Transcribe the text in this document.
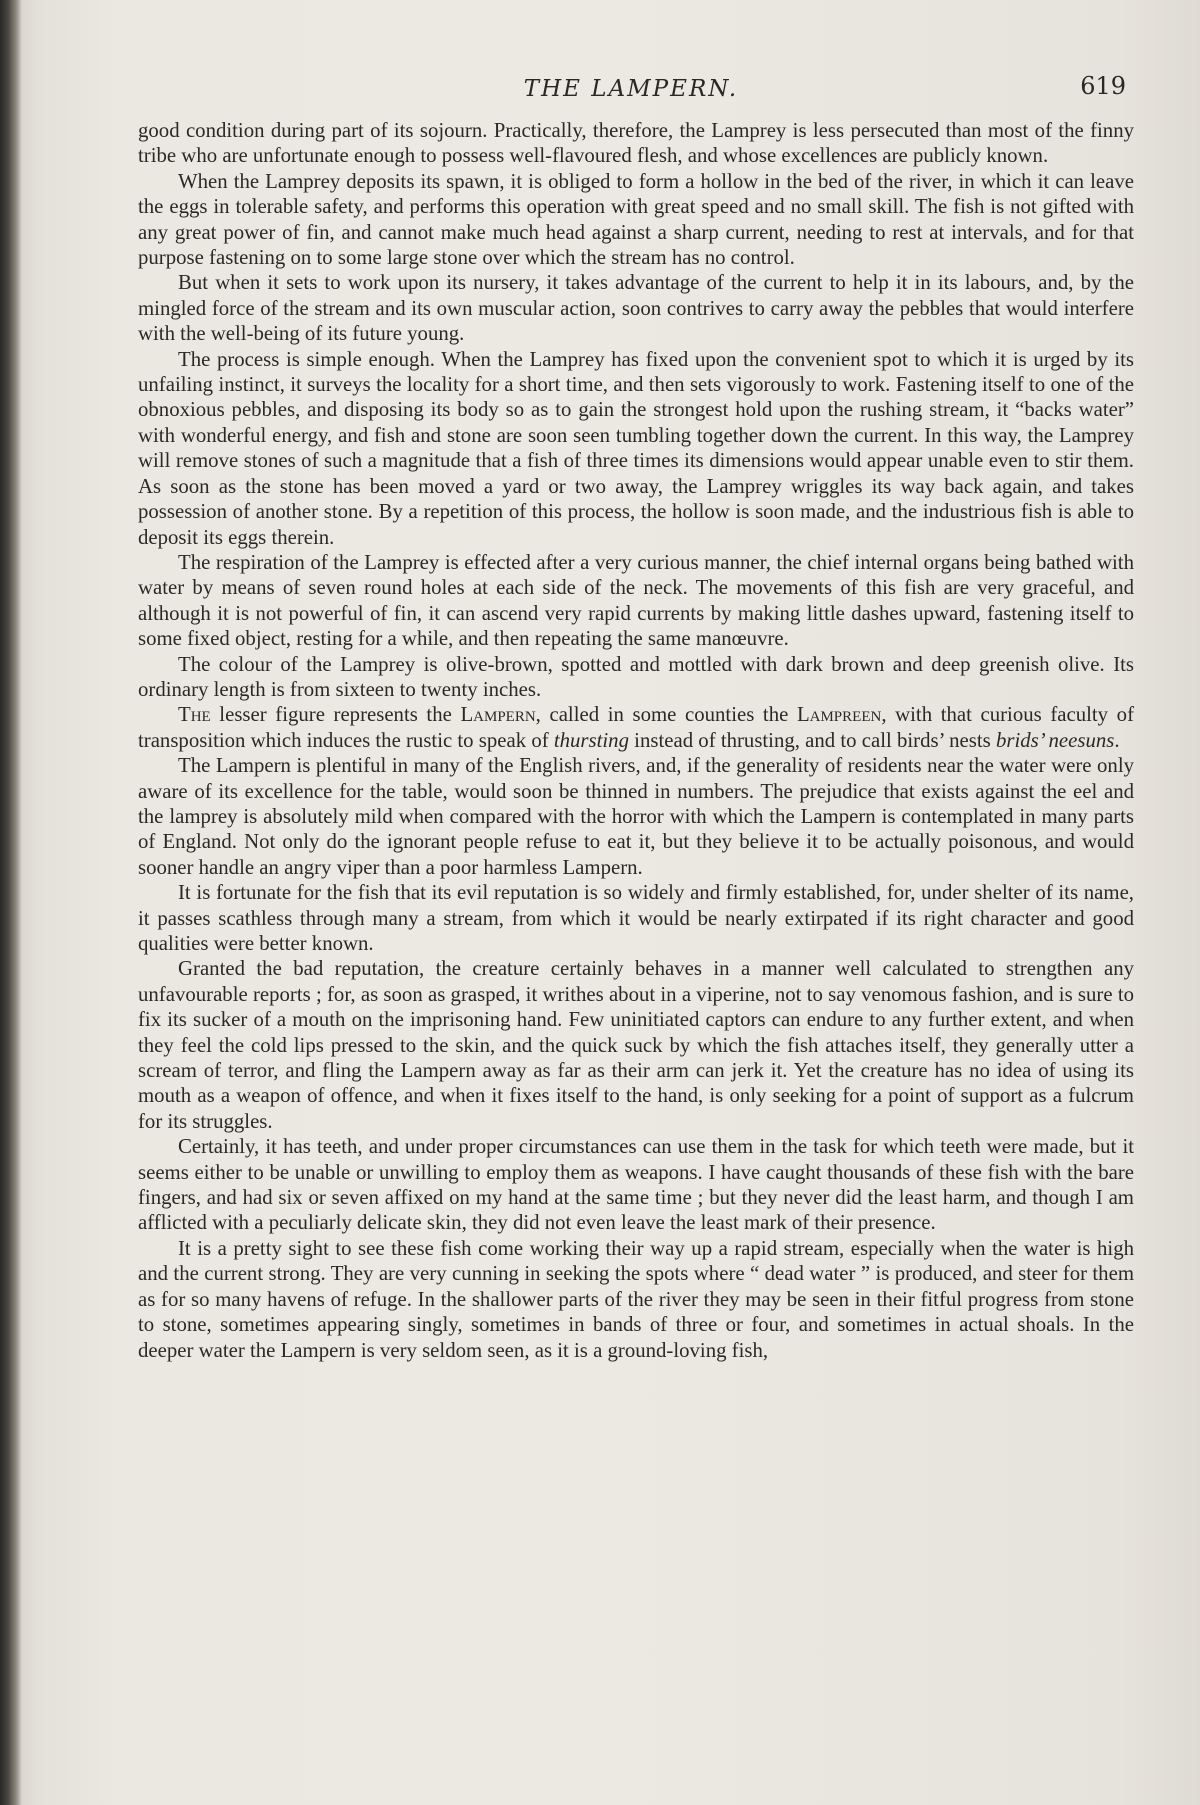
THE LAMPERN.	619

good condition during part of its sojourn. Practically, therefore, the Lamprey is less persecuted than most of the finny tribe who are unfortunate enough to possess well-flavoured flesh, and whose excellences are publicly known.

When the Lamprey deposits its spawn, it is obliged to form a hollow in the bed of the river, in which it can leave the eggs in tolerable safety, and performs this operation with great speed and no small skill. The fish is not gifted with any great power of fin, and cannot make much head against a sharp current, needing to rest at intervals, and for that purpose fastening on to some large stone over which the stream has no control.

But when it sets to work upon its nursery, it takes advantage of the current to help it in its labours, and, by the mingled force of the stream and its own muscular action, soon contrives to carry away the pebbles that would interfere with the well-being of its future young.

The process is simple enough. When the Lamprey has fixed upon the convenient spot to which it is urged by its unfailing instinct, it surveys the locality for a short time, and then sets vigorously to work. Fastening itself to one of the obnoxious pebbles, and disposing its body so as to gain the strongest hold upon the rushing stream, it “backs water” with wonderful energy, and fish and stone are soon seen tumbling together down the current. In this way, the Lamprey will remove stones of such a magnitude that a fish of three times its dimensions would appear unable even to stir them. As soon as the stone has been moved a yard or two away, the Lamprey wriggles its way back again, and takes possession of another stone. By a repetition of this process, the hollow is soon made, and the industrious fish is able to deposit its eggs therein.

The respiration of the Lamprey is effected after a very curious manner, the chief internal organs being bathed with water by means of seven round holes at each side of the neck. The movements of this fish are very graceful, and although it is not powerful of fin, it can ascend very rapid currents by making little dashes upward, fastening itself to some fixed object, resting for a while, and then repeating the same manœuvre.

The colour of the Lamprey is olive-brown, spotted and mottled with dark brown and deep greenish olive. Its ordinary length is from sixteen to twenty inches.

The lesser figure represents the Lampern, called in some counties the Lampreen, with that curious faculty of transposition which induces the rustic to speak of thursting instead of thrusting, and to call birds’ nests brids’ neesuns.

The Lampern is plentiful in many of the English rivers, and, if the generality of residents near the water were only aware of its excellence for the table, would soon be thinned in numbers. The prejudice that exists against the eel and the lamprey is absolutely mild when compared with the horror with which the Lampern is contemplated in many parts of England. Not only do the ignorant people refuse to eat it, but they believe it to be actually poisonous, and would sooner handle an angry viper than a poor harmless Lampern.

It is fortunate for the fish that its evil reputation is so widely and firmly established, for, under shelter of its name, it passes scathless through many a stream, from which it would be nearly extirpated if its right character and good qualities were better known.

Granted the bad reputation, the creature certainly behaves in a manner well calculated to strengthen any unfavourable reports ; for, as soon as grasped, it writhes about in a viperine, not to say venomous fashion, and is sure to fix its sucker of a mouth on the imprisoning hand. Few uninitiated captors can endure to any further extent, and when they feel the cold lips pressed to the skin, and the quick suck by which the fish attaches itself, they generally utter a scream of terror, and fling the Lampern away as far as their arm can jerk it. Yet the creature has no idea of using its mouth as a weapon of offence, and when it fixes itself to the hand, is only seeking for a point of support as a fulcrum for its struggles.

Certainly, it has teeth, and under proper circumstances can use them in the task for which teeth were made, but it seems either to be unable or unwilling to employ them as weapons. I have caught thousands of these fish with the bare fingers, and had six or seven affixed on my hand at the same time ; but they never did the least harm, and though I am afflicted with a peculiarly delicate skin, they did not even leave the least mark of their presence.

It is a pretty sight to see these fish come working their way up a rapid stream, especially when the water is high and the current strong. They are very cunning in seeking the spots where “ dead water ” is produced, and steer for them as for so many havens of refuge. In the shallower parts of the river they may be seen in their fitful progress from stone to stone, sometimes appearing singly, sometimes in bands of three or four, and sometimes in actual shoals. In the deeper water the Lampern is very seldom seen, as it is a ground-loving fish,
